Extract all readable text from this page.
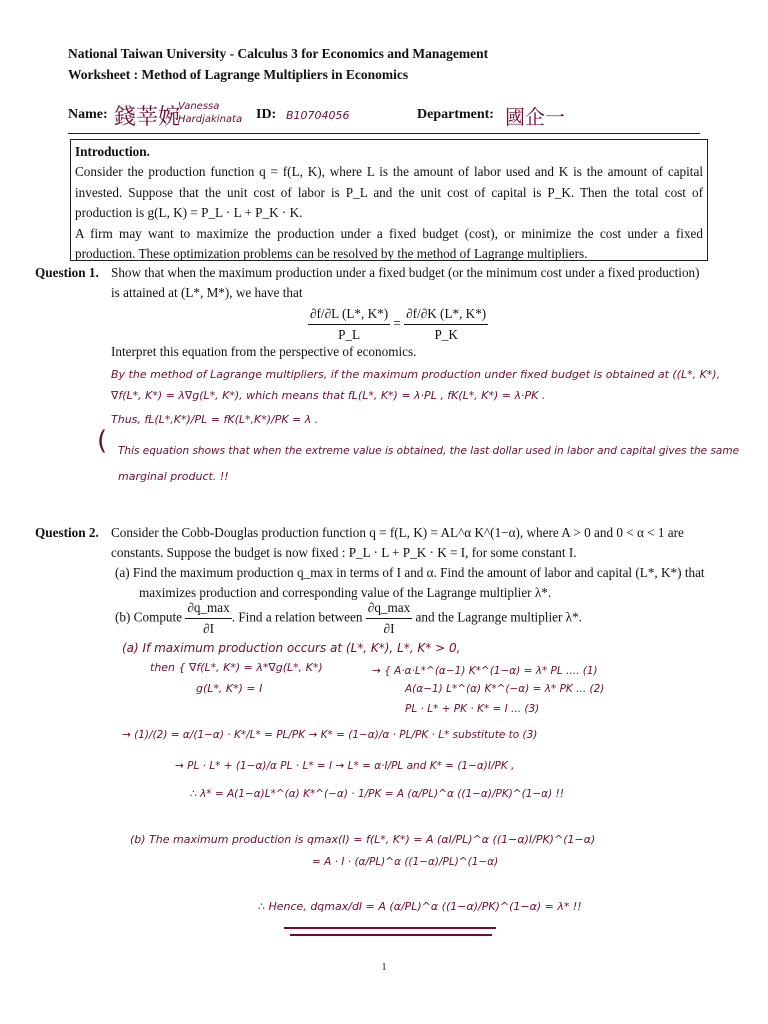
National Taiwan University - Calculus 3 for Economics and Management
Worksheet : Method of Lagrange Multipliers in Economics
Name: 錢莘婉
Vanessa
Hardjakinata ID: B10704056	Department: 國企一
Introduction.
Consider the production function q = f(L, K), where L is the amount of labor used and K is the amount of capital invested. Suppose that the unit cost of labor is P_L and the unit cost of capital is P_K. Then the total cost of production is g(L, K) = P_L · L + P_K · K.
A firm may want to maximize the production under a fixed budget (cost), or minimize the cost under a fixed production. These optimization problems can be resolved by the method of Lagrange multipliers.
Question 1. Show that when the maximum production under a fixed budget (or the minimum cost under a fixed production) is attained at (L*, M*), we have that
$\frac{\partial f/\partial L (L*, K*)}{P\_L} = \frac{\partial f/\partial K (L*, K*)}{P\_K}$
Interpret this equation from the perspective of economics.
By the method of Lagrange multipliers, if the maximum production under fixed budget is obtained at ((L*, K*),
∇f(L*, K*) = λ∇g(L*, K*), which means that fL(L*, K*) = λ·PL , fK(L*, K*) = λ·PK .
Thus, fL(L*,K*)/PL = fK(L*,K*)/PK = λ .
( This equation shows that when the extreme value is obtained, the last dollar used in labor and capital gives the same
marginal product. !!
Question 2. Consider the Cobb-Douglas production function q = f(L, K) = AL^α K^(1−α), where A > 0 and 0 < α < 1 are constants. Suppose the budget is now fixed : P_L · L + P_K · K = I, for some constant I.
(a) Find the maximum production q_max in terms of I and α. Find the amount of labor and capital (L*, K*) that maximizes production and corresponding value of the Lagrange multiplier λ*.
(b) Compute $\frac{\partial q\_\max}{\partial I}$ . Find a relation between $\frac{\partial q\_\max}{\partial I}$ and the Lagrange multiplier λ*.
(a) If maximum production occurs at (L*, K*), L*, K* > 0,
then { ∇f(L*, K*) = λ*∇g(L*, K*)
g(L*, K*) = I
→ { A·α·L*^(α−1) K*^(1−α) = λ* PL .... (1)
A(α−1) L*^(α) K*^(−α) = λ* PK ... (2)
PL · L* + PK · K* = I ... (3)
→ (1)/(2) = α/(1−α) · K*/L* = PL/PK → K* = (1−α)/α · PL/PK · L* substitute to (3)
→ PL · L* + (1−α)/α PL · L* = I → L* = α·I/PL and K* = (1−α)I/PK ,
∴ λ* = A(1−α)L*^(α) K*^(−α) · 1/PK = A (α/PL)^α ((1−α)/PK)^(1−α) !!
(b) The maximum production is qmax(I) = f(L*, K*) = A (αI/PL)^α ((1−α)I/PK)^(1−α)
= A · I · (α/PL)^α ((1−α)/PL)^(1−α)
∴ Hence, dqmax/dI = A (α/PL)^α ((1−α)/PK)^(1−α) = λ* !!
1
